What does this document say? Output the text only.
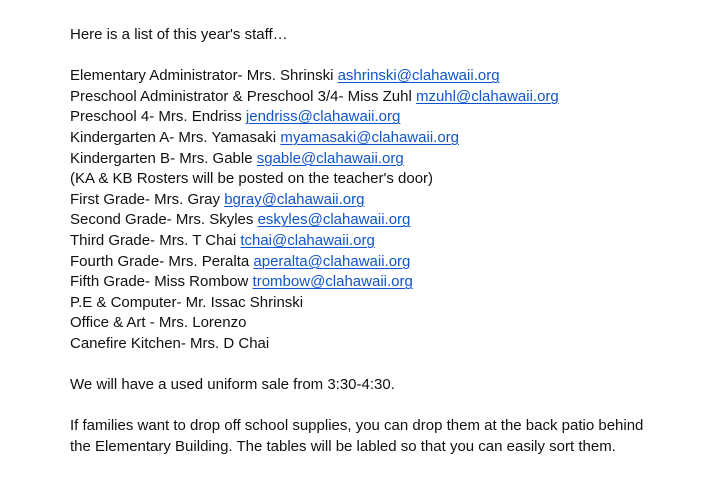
Here is a list of this year's staff…
Elementary Administrator- Mrs. Shrinski ashrinski@clahawaii.org
Preschool Administrator & Preschool 3/4- Miss Zuhl mzuhl@clahawaii.org
Preschool 4- Mrs. Endriss jendriss@clahawaii.org
Kindergarten A- Mrs. Yamasaki myamasaki@clahawaii.org
Kindergarten B- Mrs. Gable sgable@clahawaii.org
(KA & KB Rosters will be posted on the teacher's door)
First Grade- Mrs. Gray bgray@clahawaii.org
Second Grade- Mrs. Skyles eskyles@clahawaii.org
Third Grade- Mrs. T Chai tchai@clahawaii.org
Fourth Grade- Mrs. Peralta aperalta@clahawaii.org
Fifth Grade- Miss Rombow trombow@clahawaii.org
P.E & Computer- Mr. Issac Shrinski
Office & Art - Mrs. Lorenzo
Canefire Kitchen- Mrs. D Chai
We will have a used uniform sale from 3:30-4:30.
If families want to drop off school supplies, you can drop them at the back patio behind
the Elementary Building. The tables will be labled so that you can easily sort them.
